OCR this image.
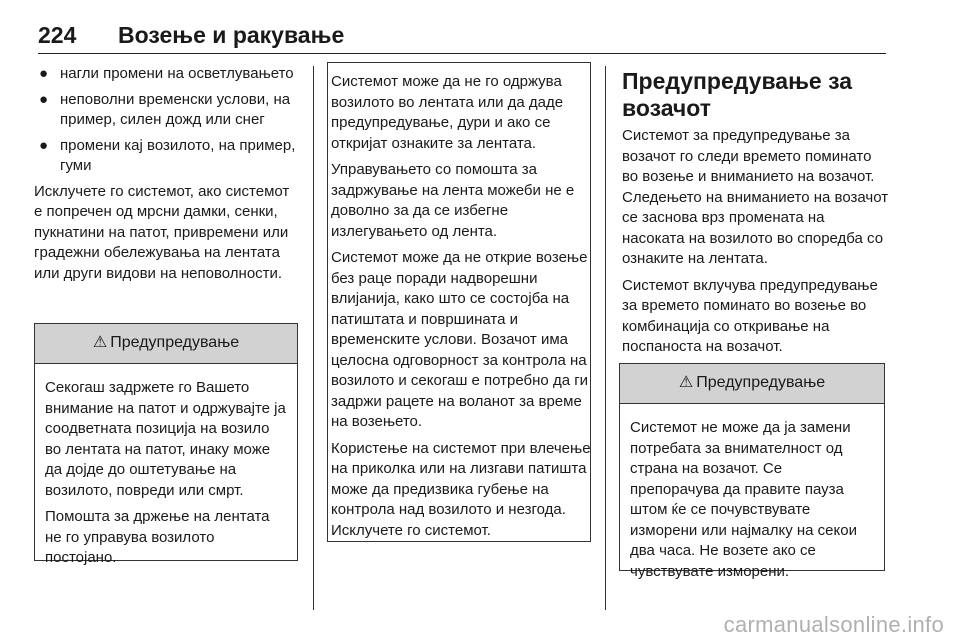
224 Возење и ракување
● нагли промени на осветлувањето
● неповолни временски услови, на пример, силен дожд или снег
● промени кај возилото, на пример, гуми

Исклучете го системот, ако системот е попречен од мрсни дамки, сенки, пукнатини на патот, привремени или градежни обележувања на лентата или други видови на неповолности.

⚠ Предупредување

Секогаш задржете го Вашето внимание на патот и одржувајте ја соодветната позиција на возило во лентата на патот, инаку може да дојде до оштетување на возилото, повреди или смрт.

Помошта за држење на лентата не го управува возилото постојано.

Системот може да не го одржува возилото во лентата или да даде предупредување, дури и ако се откријат ознаките за лентата.

Управувањето со помошта за задржување на лента можеби не е доволно за да се избегне излегувањето од лента.

Системот може да не открие возење без раце поради надворешни влијанија, како што се состојба на патиштата и површината и временските услови. Возачот има целосна одговорност за контрола на возилото и секогаш е потребно да ги задржи рацете на воланот за време на возењето.

Користење на системот при влечење на приколка или на лизгави патишта може да предизвика губење на контрола над возилото и незгода. Исклучете го системот.

Предупредување за возачот

Системот за предупредување за возачот го следи времето поминато во возење и вниманието на возачот. Следењето на вниманието на возачот се заснова врз промената на насоката на возилото во споредба со ознаките на лентата.

Системот вклучува предупредување за времето поминато во возење во комбинација со откривање на поспаноста на возачот.

⚠ Предупредување

Системот не може да ја замени потребата за внимателност од страна на возачот. Се препорачува да правите пауза штом ќе се почувствувате изморени или најмалку на секои два часа. Не возете ако се чувствувате изморени.

carmanualsonline.info
